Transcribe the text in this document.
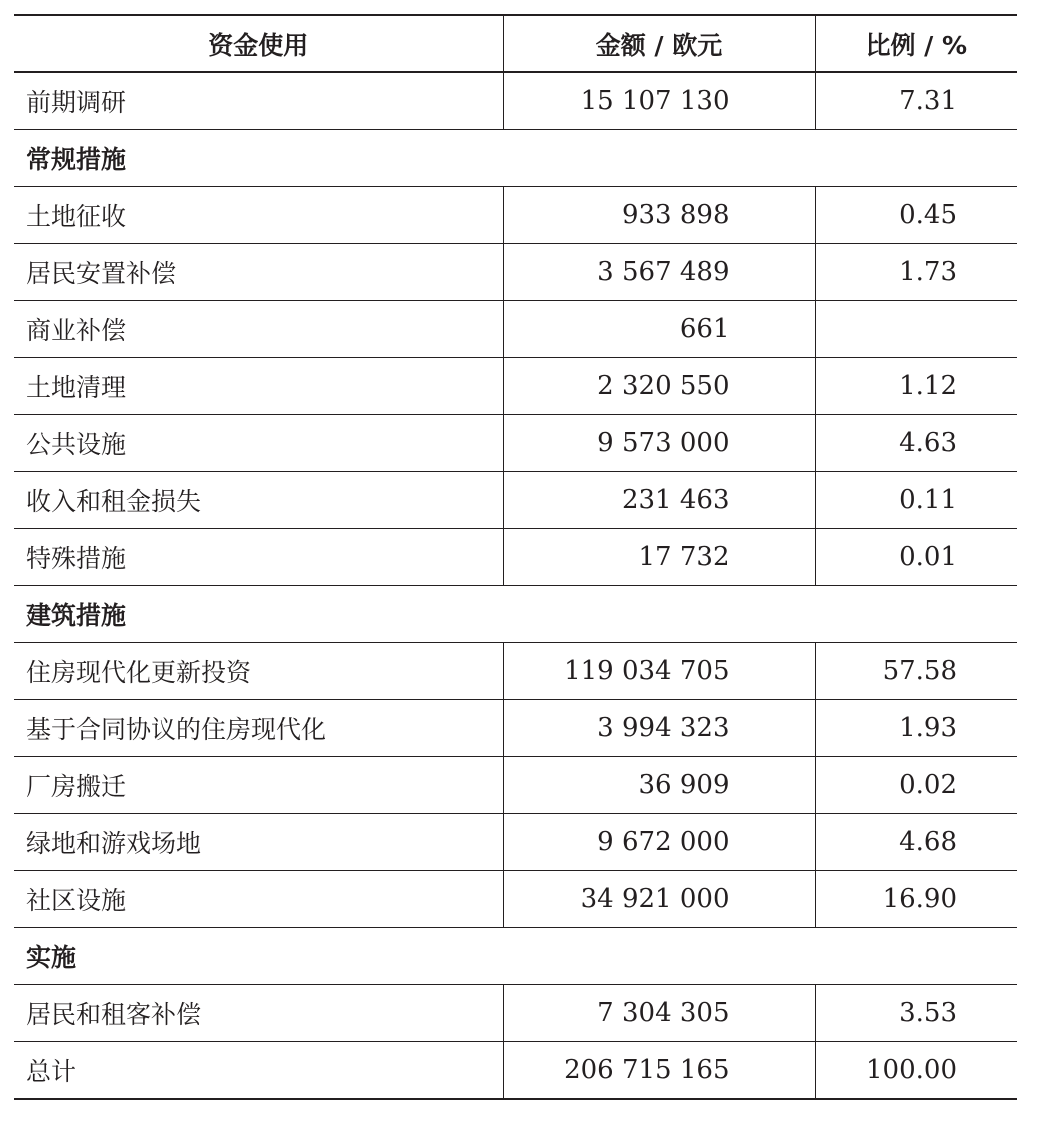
资金使用	金额 / 欧元	比例 / %
前期调研	15 107 130	7.31
常规措施		
土地征收	933 898	0.45
居民安置补偿	3 567 489	1.73
商业补偿	661	
土地清理	2 320 550	1.12
公共设施	9 573 000	4.63
收入和租金损失	231 463	0.11
特殊措施	17 732	0.01
建筑措施		
住房现代化更新投资	119 034 705	57.58
基于合同协议的住房现代化	3 994 323	1.93
厂房搬迁	36 909	0.02
绿地和游戏场地	9 672 000	4.68
社区设施	34 921 000	16.90
实施		
居民和租客补偿	7 304 305	3.53
总计	206 715 165	100.00
